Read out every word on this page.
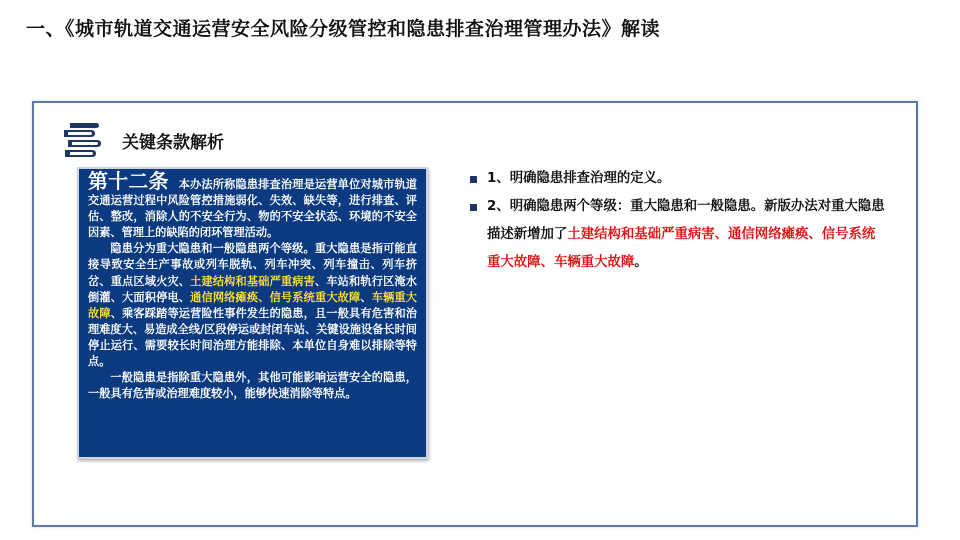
一、《城市轨道交通运营安全风险分级管控和隐患排查治理管理办法》解读
关键条款解析

第十二条 本办法所称隐患排查治理是运营单位对城市轨道交通运营过程中风险管控措施弱化、失效、缺失等，进行排查、评估、整改，消除人的不安全行为、物的不安全状态、环境的不安全因素、管理上的缺陷的闭环管理活动。

隐患分为重大隐患和一般隐患两个等级。重大隐患是指可能直接导致安全生产事故或列车脱轨、列车冲突、列车撞击、列车挤岔、重点区域火灾、土建结构和基础严重病害、车站和轨行区淹水倒灌、大面积停电、通信网络瘫痪、信号系统重大故障、车辆重大故障、乘客踩踏等运营险性事件发生的隐患，且一般具有危害和治理难度大、易造成全线/区段停运或封闭车站、关键设施设备长时间停止运行、需要较长时间治理方能排除、本单位自身难以排除等特点。

一般隐患是指除重大隐患外，其他可能影响运营安全的隐患，一般具有危害或治理难度较小，能够快速消除等特点。

1、明确隐患排查治理的定义。
2、明确隐患两个等级：重大隐患和一般隐患。新版办法对重大隐患描述新增加了土建结构和基础严重病害、通信网络瘫痪、信号系统重大故障、车辆重大故障。
